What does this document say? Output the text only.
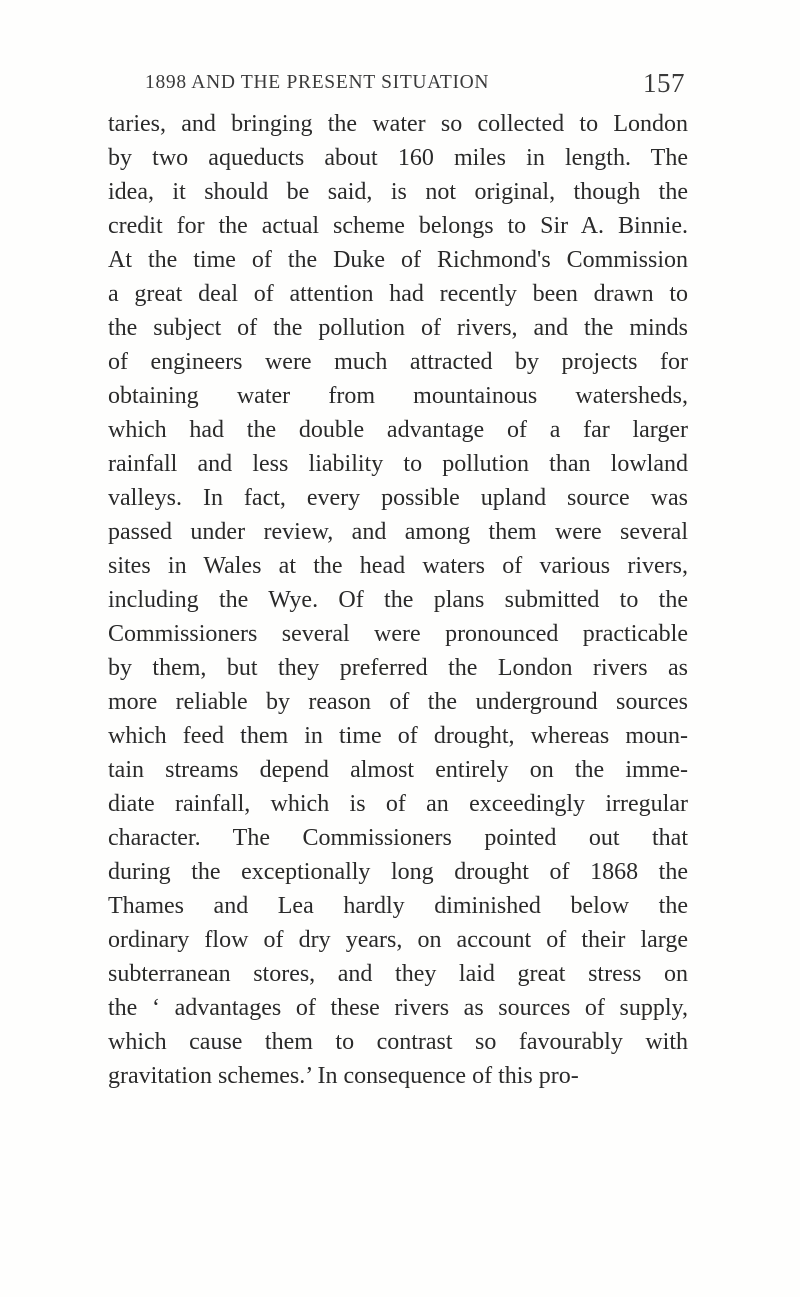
1898 AND THE PRESENT SITUATION	157
taries, and bringing the water so collected to London
by two aqueducts about 160 miles in length. The
idea, it should be said, is not original, though the
credit for the actual scheme belongs to Sir A. Binnie.
At the time of the Duke of Richmond's Commission
a great deal of attention had recently been drawn to
the subject of the pollution of rivers, and the minds
of engineers were much attracted by projects for
obtaining water from mountainous watersheds,
which had the double advantage of a far larger
rainfall and less liability to pollution than lowland
valleys. In fact, every possible upland source was
passed under review, and among them were several
sites in Wales at the head waters of various rivers,
including the Wye. Of the plans submitted to the
Commissioners several were pronounced practicable
by them, but they preferred the London rivers as
more reliable by reason of the underground sources
which feed them in time of drought, whereas moun-
tain streams depend almost entirely on the imme-
diate rainfall, which is of an exceedingly irregular
character. The Commissioners pointed out that
during the exceptionally long drought of 1868 the
Thames and Lea hardly diminished below the
ordinary flow of dry years, on account of their large
subterranean stores, and they laid great stress on
the ‘ advantages of these rivers as sources of supply,
which cause them to contrast so favourably with
gravitation schemes.’ In consequence of this pro-
